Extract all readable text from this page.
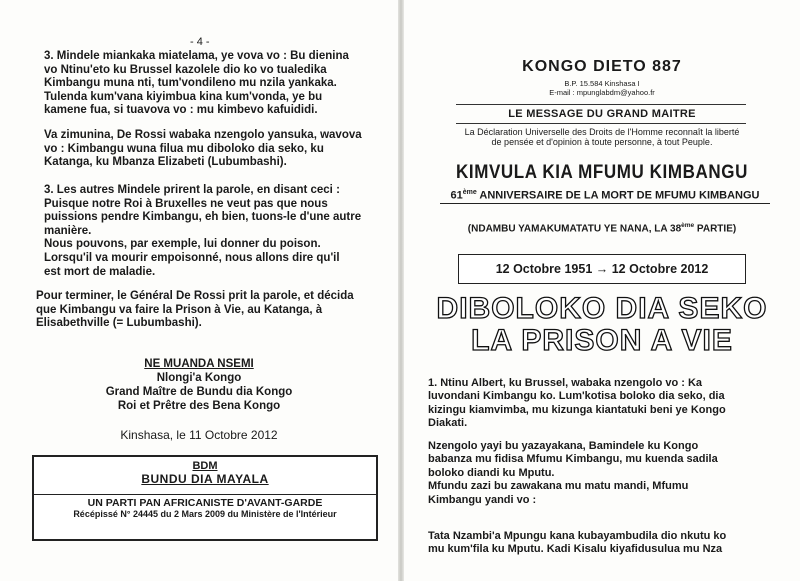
- 4 -
3. Mindele miankaka miatelama, ye vova vo : Bu dienina
vo Ntinu'eto ku Brussel kazolele dio ko vo tualedika
Kimbangu muna nti, tum'vondileno mu nzila yankaka.
Tulenda kum'vana kiyimbua kina kum'vonda, ye bu
kamene fua, si tuavova vo : mu kimbevo kafuididi.
Va zimunina, De Rossi wabaka nzengolo yansuka, wavova
vo : Kimbangu wuna filua mu diboloko dia seko, ku
Katanga, ku Mbanza Elizabeti (Lubumbashi).
3. Les autres Mindele prirent la parole, en disant ceci :
Puisque notre Roi à Bruxelles ne veut pas que nous
puissions pendre Kimbangu, eh bien, tuons-le d'une autre
manière.
Nous pouvons, par exemple, lui donner du poison.
Lorsqu'il va mourir empoisonné, nous allons dire qu'il
est mort de maladie.
Pour terminer, le Général De Rossi prit la parole, et décida
que Kimbangu va faire la Prison à Vie, au Katanga, à
Elisabethville (= Lubumbashi).
NE MUANDA NSEMI
Nlongi'a Kongo
Grand Maître de Bundu dia Kongo
Roi et Prêtre des Bena Kongo
Kinshasa, le 11 Octobre 2012
BDM
BUNDU DIA MAYALA
UN PARTI PAN AFRICANISTE D'AVANT-GARDE
Récépissé N° 24445 du 2 Mars 2009 du Ministère de l'Intérieur
KONGO DIETO 887
B.P. 15.584 Kinshasa I
E-mail : mpunglabdm@yahoo.fr
LE MESSAGE DU GRAND MAITRE
La Déclaration Universelle des Droits de l'Homme reconnaît la liberté
de pensée et d'opinion à toute personne, à tout Peuple.
KIMVULA KIA MFUMU KIMBANGU
61ème ANNIVERSAIRE DE LA MORT DE MFUMU KIMBANGU
(NDAMBU YAMAKUMATATU YE NANA, LA 38ème PARTIE)
12 Octobre 1951 → 12 Octobre 2012
DIBOLOKO DIA SEKO
LA PRISON A VIE
1. Ntinu Albert, ku Brussel, wabaka nzengolo vo : Ka
luvondani Kimbangu ko. Lum'kotisa boloko dia seko, dia
kizingu kiamvimba, mu kizunga kiantatuki beni ye Kongo
Diakati.
Nzengolo yayi bu yazayakana, Bamindele ku Kongo
babanza mu fidisa Mfumu Kimbangu, mu kuenda sadila
boloko diandi ku Mputu.
Mfundu zazi bu zawakana mu matu mandi, Mfumu
Kimbangu yandi vo :
Tata Nzambi'a Mpungu kana kubayambudila dio nkutu ko
mu kum'fila ku Mputu. Kadi Kisalu kiyafidusulua mu Nza
